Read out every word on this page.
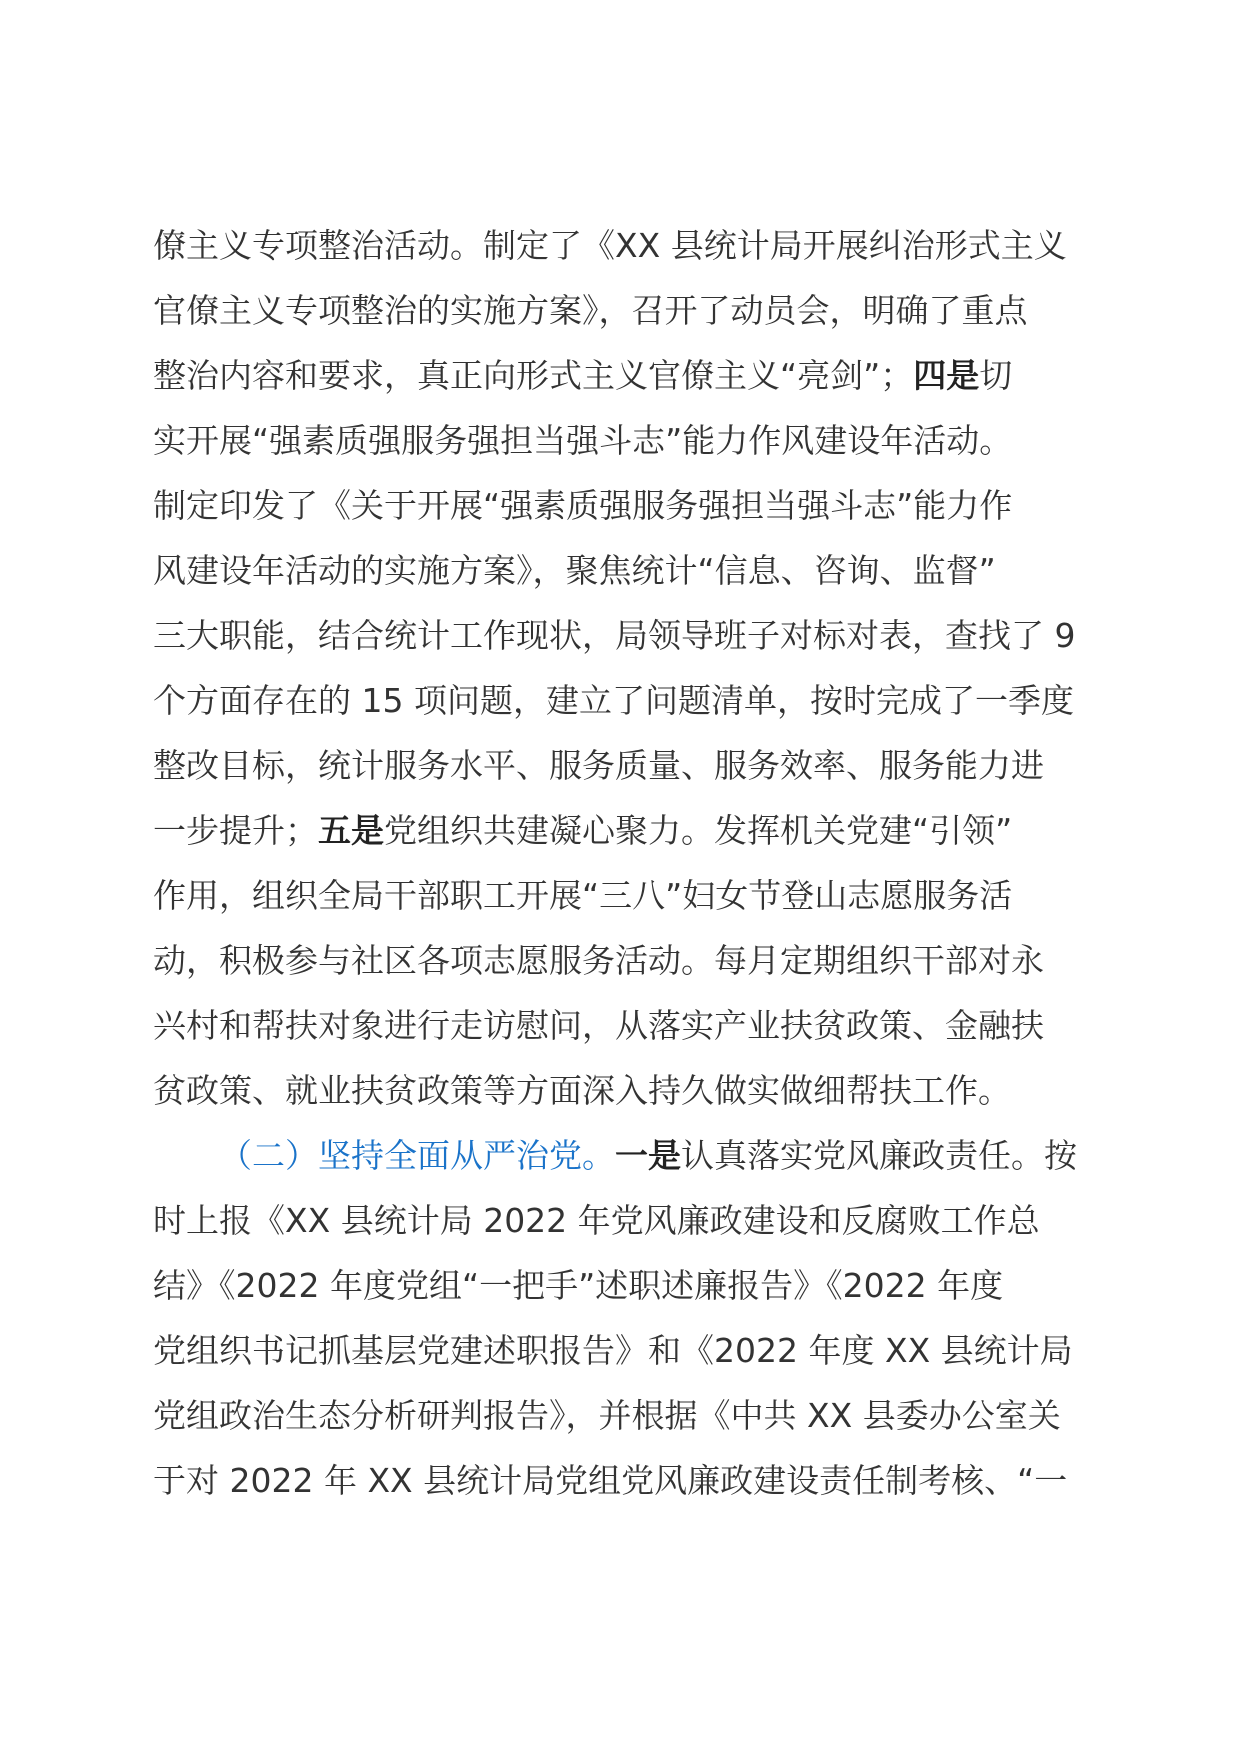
僚主义专项整治活动。制定了《XX 县统计局开展纠治形式主义
官僚主义专项整治的实施方案》，召开了动员会，明确了重点
整治内容和要求，真正向形式主义官僚主义“亮剑”；四是切
实开展“强素质强服务强担当强斗志”能力作风建设年活动。
制定印发了《关于开展“强素质强服务强担当强斗志”能力作
风建设年活动的实施方案》，聚焦统计“信息、咨询、监督”
三大职能，结合统计工作现状，局领导班子对标对表，查找了 9
个方面存在的 15 项问题，建立了问题清单，按时完成了一季度
整改目标，统计服务水平、服务质量、服务效率、服务能力进
一步提升；五是党组织共建凝心聚力。发挥机关党建“引领”
作用，组织全局干部职工开展“三八”妇女节登山志愿服务活
动，积极参与社区各项志愿服务活动。每月定期组织干部对永
兴村和帮扶对象进行走访慰问，从落实产业扶贫政策、金融扶
贫政策、就业扶贫政策等方面深入持久做实做细帮扶工作。
（二）坚持全面从严治党。一是认真落实党风廉政责任。按
时上报《XX 县统计局 2022 年党风廉政建设和反腐败工作总
结》《2022 年度党组“一把手”述职述廉报告》《2022 年度
党组织书记抓基层党建述职报告》和《2022 年度 XX 县统计局
党组政治生态分析研判报告》，并根据《中共 XX 县委办公室关
于对 2022 年 XX 县统计局党组党风廉政建设责任制考核、“一
